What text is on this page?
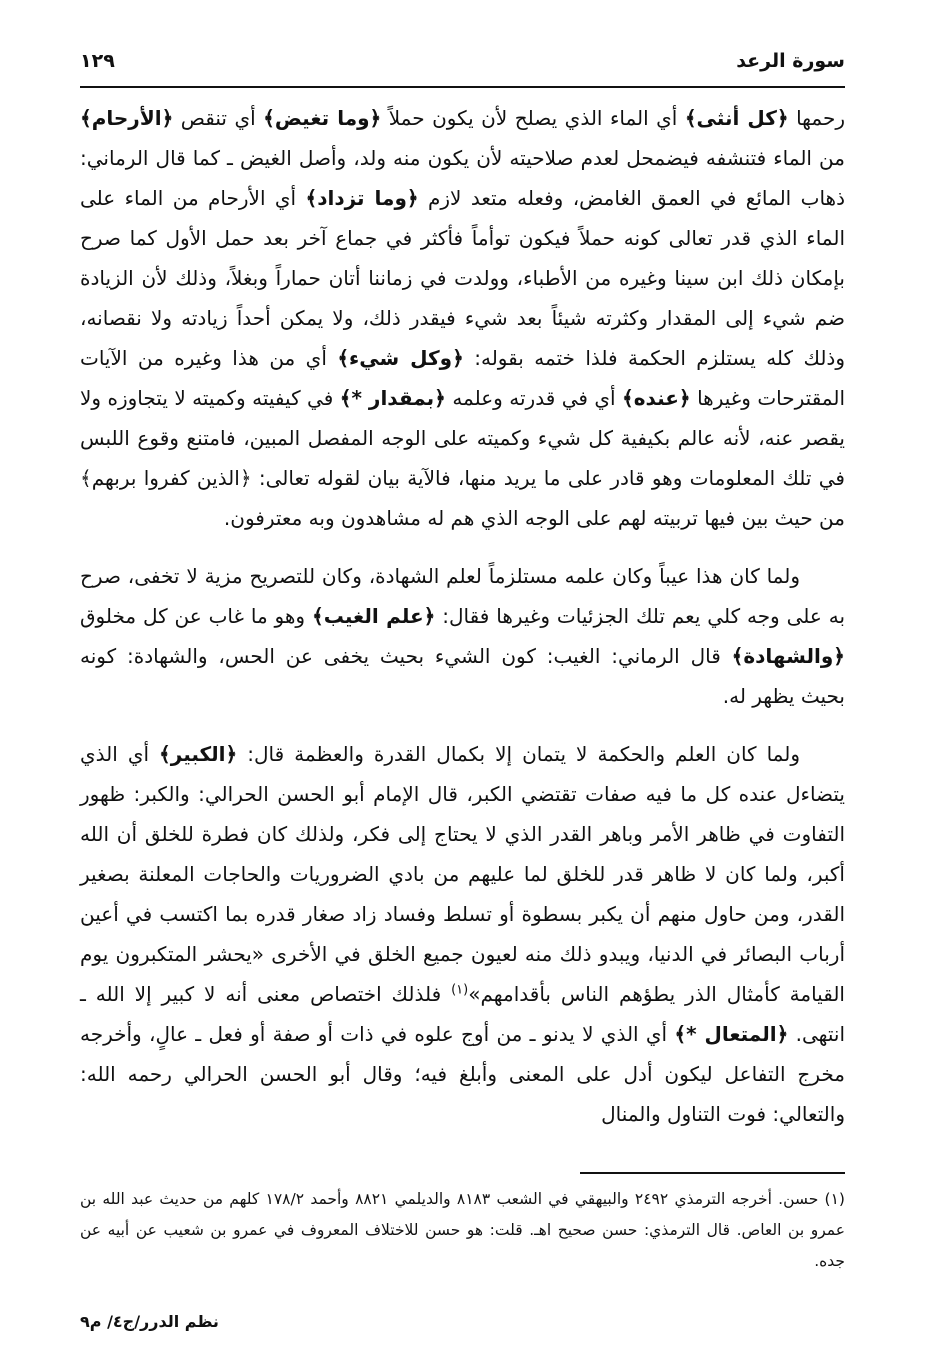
سورة الرعد
١٢٩

رحمها ﴿كل أنثى﴾ أي الماء الذي يصلح لأن يكون حملاً ﴿وما تغيض﴾ أي تنقص ﴿الأرحام﴾ من الماء فتنشفه فيضمحل لعدم صلاحيته لأن يكون منه ولد، وأصل الغيض ـ كما قال الرماني: ذهاب المائع في العمق الغامض، وفعله متعد لازم ﴿وما تزداد﴾ أي الأرحام من الماء على الماء الذي قدر تعالى كونه حملاً فيكون توأماً فأكثر في جماع آخر بعد حمل الأول كما صرح بإمكان ذلك ابن سينا وغيره من الأطباء، وولدت في زماننا أتان حماراً وبغلاً، وذلك لأن الزيادة ضم شيء إلى المقدار وكثرته شيئاً بعد شيء فيقدر ذلك، ولا يمكن أحداً زيادته ولا نقصانه، وذلك كله يستلزم الحكمة فلذا ختمه بقوله: ﴿وكل شيء﴾ أي من هذا وغيره من الآيات المقترحات وغيرها ﴿عنده﴾ أي في قدرته وعلمه ﴿بمقدار *﴾ في كيفيته وكميته لا يتجاوزه ولا يقصر عنه، لأنه عالم بكيفية كل شيء وكميته على الوجه المفصل المبين، فامتنع وقوع اللبس في تلك المعلومات وهو قادر على ما يريد منها، فالآية بيان لقوله تعالى: ﴿الذين كفروا بربهم﴾ من حيث بين فيها تربيته لهم على الوجه الذي هم له مشاهدون وبه معترفون.

ولما كان هذا عيباً وكان علمه مستلزماً لعلم الشهادة، وكان للتصريح مزية لا تخفى، صرح به على وجه كلي يعم تلك الجزئيات وغيرها فقال: ﴿علم الغيب﴾ وهو ما غاب عن كل مخلوق ﴿والشهادة﴾ قال الرماني: الغيب: كون الشيء بحيث يخفى عن الحس، والشهادة: كونه بحيث يظهر له.

ولما كان العلم والحكمة لا يتمان إلا بكمال القدرة والعظمة قال: ﴿الكبير﴾ أي الذي يتضاءل عنده كل ما فيه صفات تقتضي الكبر، قال الإمام أبو الحسن الحرالي: والكبر: ظهور التفاوت في ظاهر الأمر وباهر القدر الذي لا يحتاج إلى فكر، ولذلك كان فطرة للخلق أن الله أكبر، ولما كان لا ظاهر قدر للخلق لما عليهم من بادي الضروريات والحاجات المعلنة بصغير القدر، ومن حاول منهم أن يكبر بسطوة أو تسلط وفساد زاد صغار قدره بما اكتسب في أعين أرباب البصائر في الدنيا، ويبدو ذلك منه لعيون جميع الخلق في الأخرى «يحشر المتكبرون يوم القيامة كأمثال الذر يطؤهم الناس بأقدامهم»$^{(١)}$ فلذلك اختصاص معنى أنه لا كبير إلا الله ـ انتهى. ﴿المتعال *﴾ أي الذي لا يدنو ـ من أوج علوه في ذات أو صفة أو فعل ـ عالٍ، وأخرجه مخرج التفاعل ليكون أدل على المعنى وأبلغ فيه؛ وقال أبو الحسن الحرالي رحمه الله: والتعالي: فوت التناول والمنال

(١) حسن. أخرجه الترمذي ٢٤٩٢ والبيهقي في الشعب ٨١٨٣ والديلمي ٨٨٢١ وأحمد ١٧٨/٢ كلهم من حديث عبد الله بن عمرو بن العاص. قال الترمذي: حسن صحيح اهـ. قلت: هو حسن للاختلاف المعروف في عمرو بن شعيب عن أبيه عن جده.
نظم الدرر/ج٤/ م٩
